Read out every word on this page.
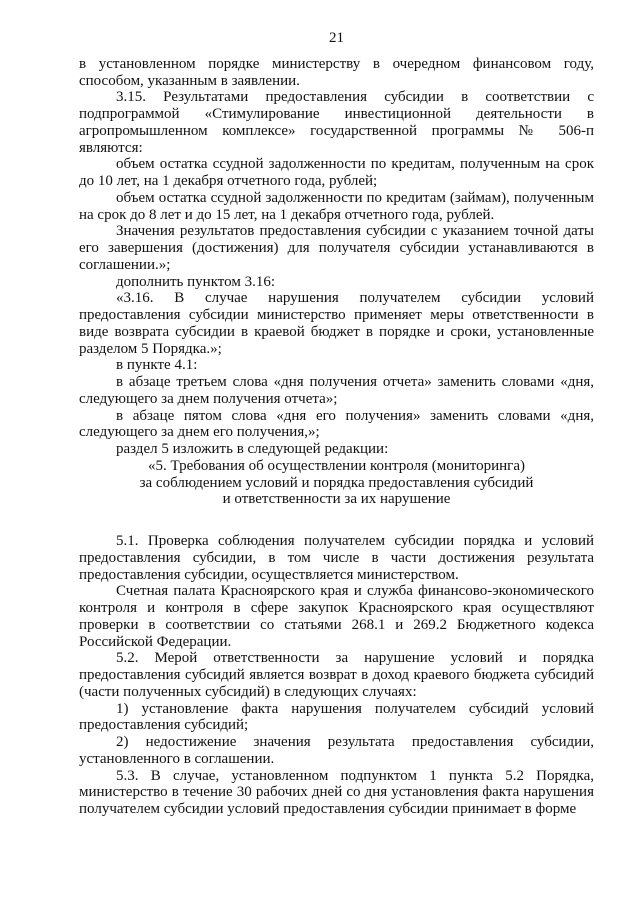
21

в установленном порядке министерству в очередном финансовом году, способом, указанным в заявлении.

3.15. Результатами предоставления субсидии в соответствии с подпрограммой «Стимулирование инвестиционной деятельности в агропромышленном комплексе» государственной программы № 506-п являются:

объем остатка ссудной задолженности по кредитам, полученным на срок до 10 лет, на 1 декабря отчетного года, рублей;

объем остатка ссудной задолженности по кредитам (займам), полученным на срок до 8 лет и до 15 лет, на 1 декабря отчетного года, рублей.

Значения результатов предоставления субсидии с указанием точной даты его завершения (достижения) для получателя субсидии устанавливаются в соглашении.»;

дополнить пунктом 3.16:

«3.16. В случае нарушения получателем субсидии условий предоставления субсидии министерство применяет меры ответственности в виде возврата субсидии в краевой бюджет в порядке и сроки, установленные разделом 5 Порядка.»;

в пункте 4.1:

в абзаце третьем слова «дня получения отчета» заменить словами «дня, следующего за днем получения отчета»;

в абзаце пятом слова «дня его получения» заменить словами «дня, следующего за днем его получения,»;

раздел 5 изложить в следующей редакции:

«5. Требования об осуществлении контроля (мониторинга)

за соблюдением условий и порядка предоставления субсидий

и ответственности за их нарушение

5.1. Проверка соблюдения получателем субсидии порядка и условий предоставления субсидии, в том числе в части достижения результата предоставления субсидии, осуществляется министерством.

Счетная палата Красноярского края и служба финансово-экономического контроля и контроля в сфере закупок Красноярского края осуществляют проверки в соответствии со статьями 268.1 и 269.2 Бюджетного кодекса Российской Федерации.

5.2. Мерой ответственности за нарушение условий и порядка предоставления субсидий является возврат в доход краевого бюджета субсидий (части полученных субсидий) в следующих случаях:

1) установление факта нарушения получателем субсидий условий предоставления субсидий;

2) недостижение значения результата предоставления субсидии, установленного в соглашении.

5.3. В случае, установленном подпунктом 1 пункта 5.2 Порядка, министерство в течение 30 рабочих дней со дня установления факта нарушения получателем субсидии условий предоставления субсидии принимает в форме
